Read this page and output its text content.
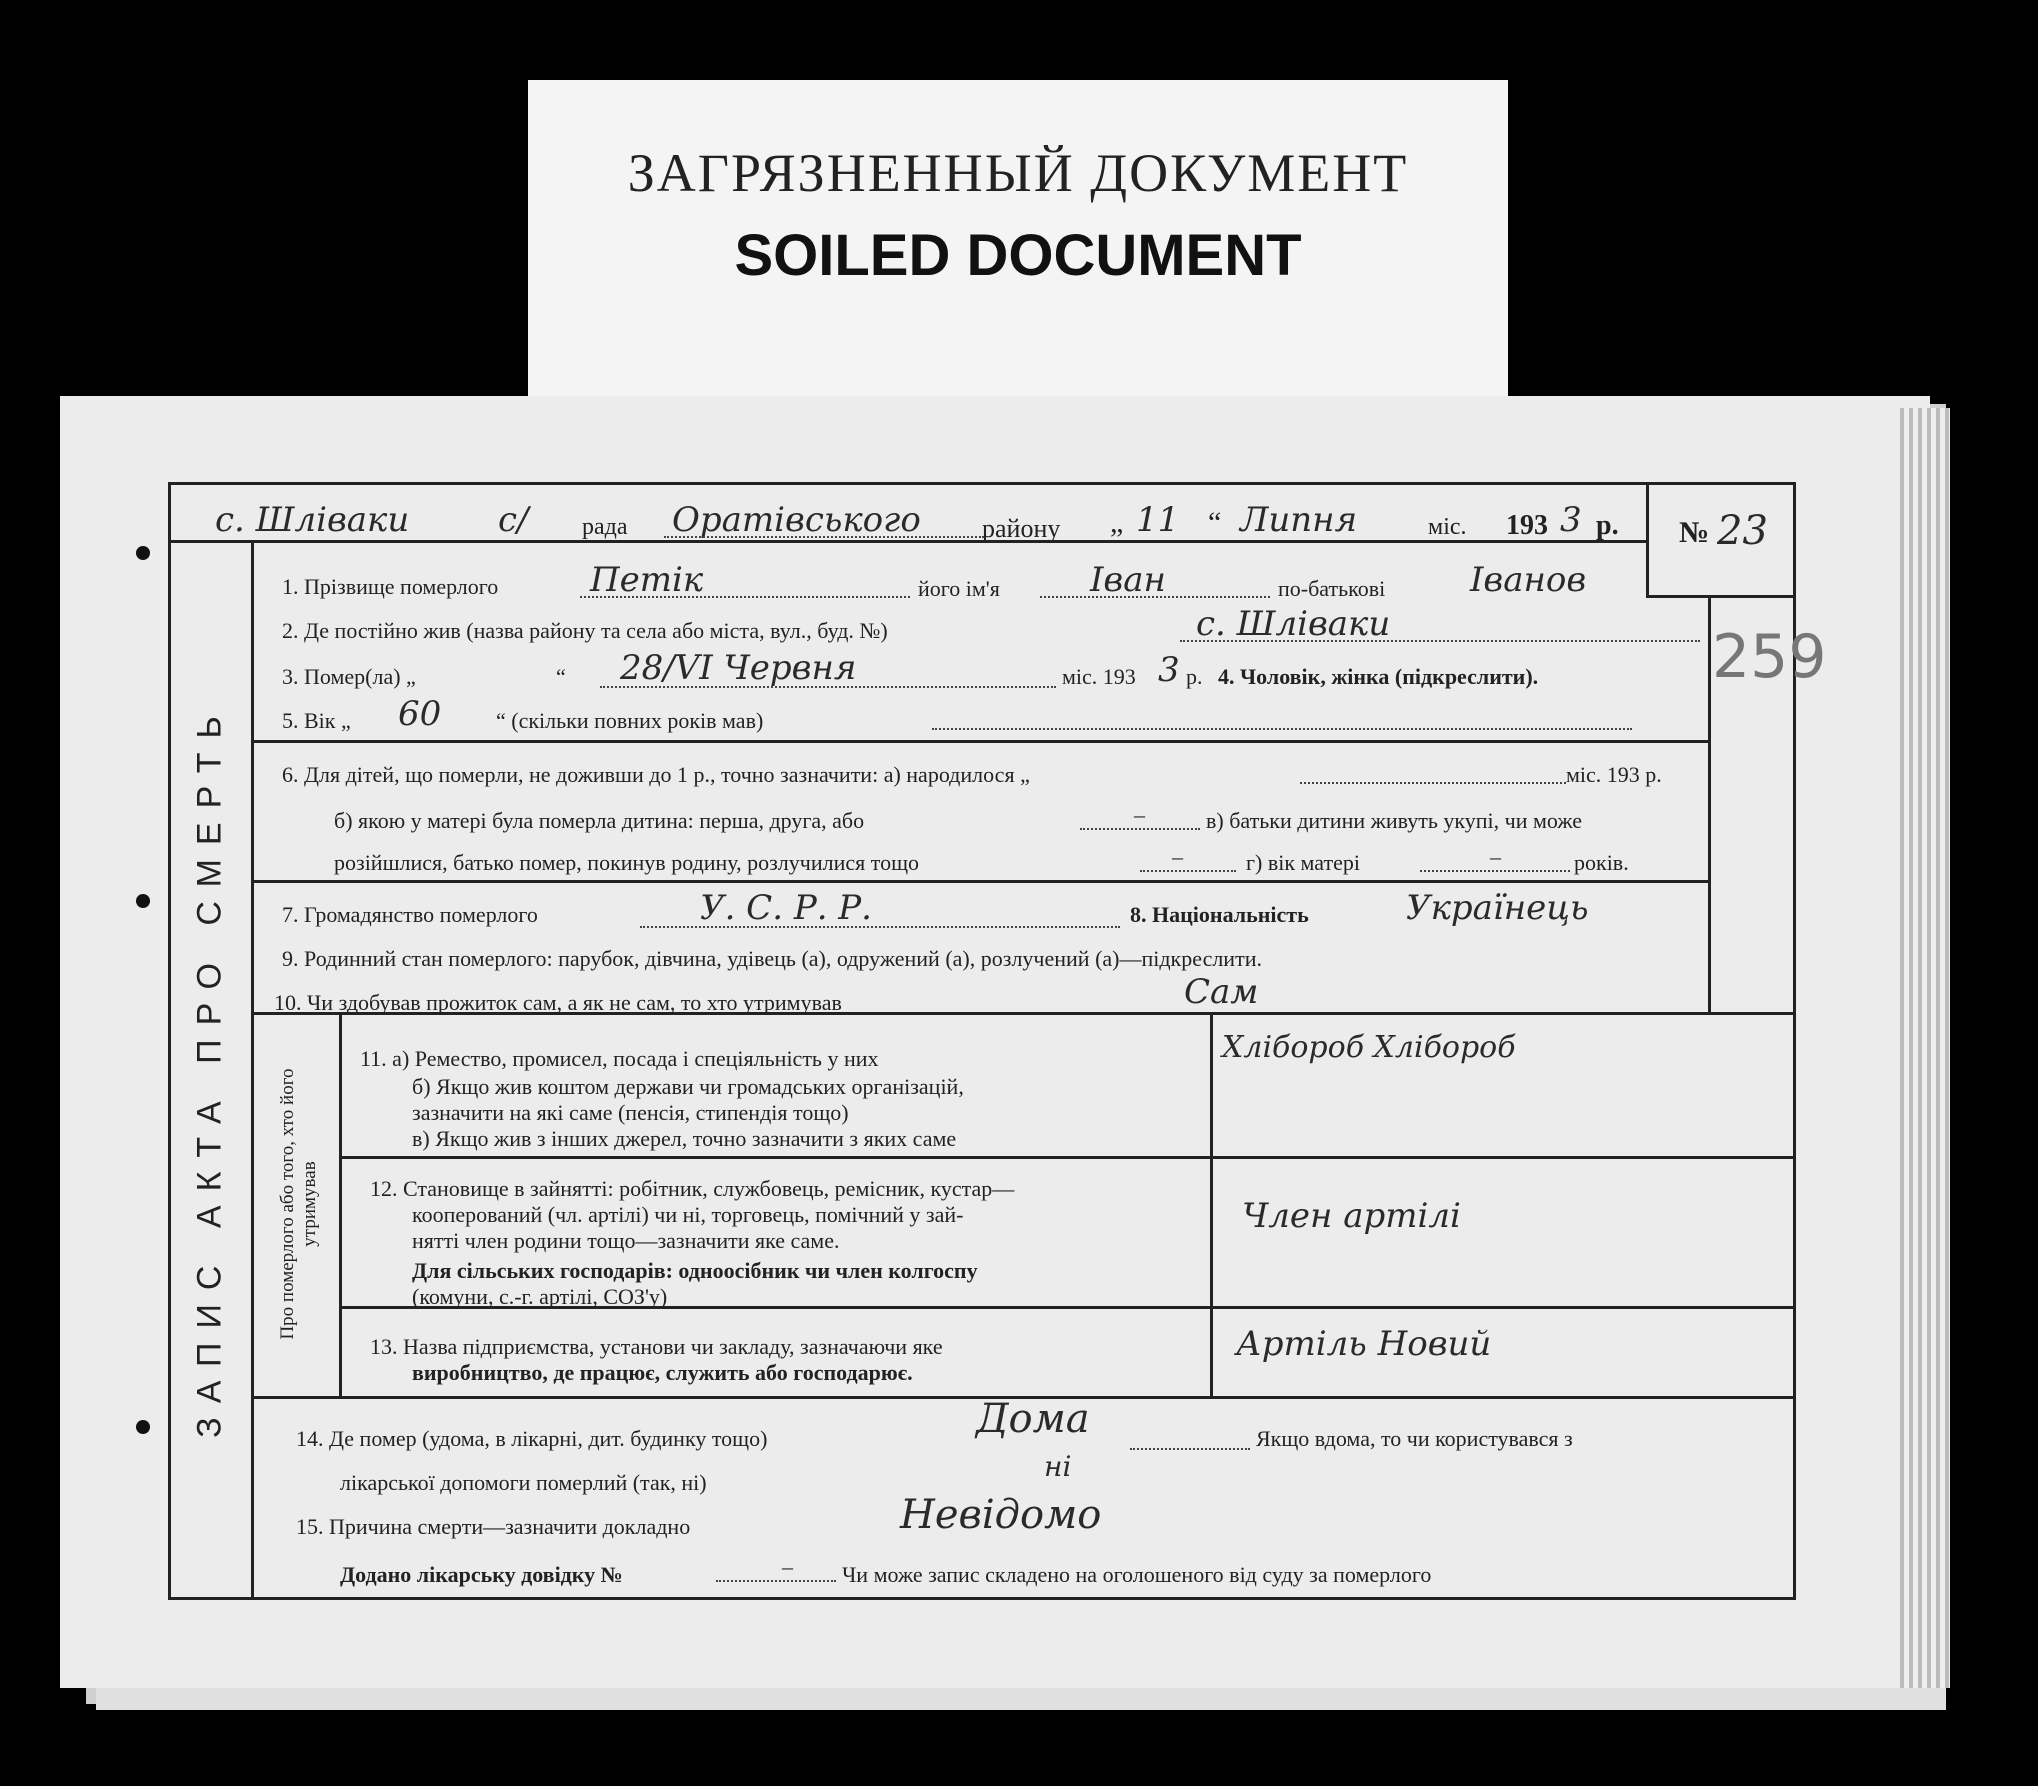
ЗАГРЯЗНЕННЫЙ ДОКУМЕНТ
SOILED DOCUMENT
с. Шліваки	с/ рада Оратівського району „ 11 “ Липня	міс. 193 3 р. № 23
259
ЗАПИС АКТА ПРО СМЕРТЬ
1. Прізвище померлого	Петік	його ім'я	Іван	по-батькові Іванов
2. Де постійно жив (назва району та села або міста, вул., буд. №)	с. Шліваки
3. Помер(ла) „	“ 28/VI Червня	міс. 193 3 р. 4. Чоловік, жінка (підкреслити).
5. Вік „ 60 “ (скільки повних років мав)
6. Для дітей, що померли, не доживши до 1 р., точно зазначити: а) народилося „	міс. 193 р.
б) якою у матері була померла дитина: перша, друга, або	–	в) батьки дитини живуть укупі, чи може
розійшлися, батько помер, покинув родину, розлучилися тощо	–	г) вік матері	–	років.
7. Громадянство померлого	У. С. Р. Р.	8. Національність	Українець
9. Родинний стан померлого: парубок, дівчина, удівець (а), одружений (а), розлучений (а)—підкреслити.
10. Чи здобував прожиток сам, а як не сам, то хто утримував	Сам
Про померлого або того, хто його утримував
11. а) Ремество, промисел, посада і спеціяльність у них
б) Якщо жив коштом держави чи громадських організацій,
зазначити на які саме (пенсія, стипендія тощо)
в) Якщо жив з інших джерел, точно зазначити з яких саме
Хлібороб Хлібороб
12. Становище в зайнятті: робітник, службовець, ремісник, кустар—
кооперований (чл. артілі) чи ні, торговець, помічний у зай-
нятті член родини тощо—зазначити яке саме.
Для сільських господарів: одноосібник чи член колгоспу
(комуни, с.-г. артілі, СОЗ'у)
Член артілі
13. Назва підприємства, установи чи закладу, зазначаючи яке
виробництво, де працює, служить або господарює.
Артіль Новий
14. Де помер (удома, в лікарні, дит. будинку тощо)	Дома	Якщо вдома, то чи користувався з
лікарської допомоги померлий (так, ні)	ні
15. Причина смерти—зазначити докладно	Невідомо
Додано лікарську довідку №	– Чи може запис складено на оголошеного від суду за померлого
